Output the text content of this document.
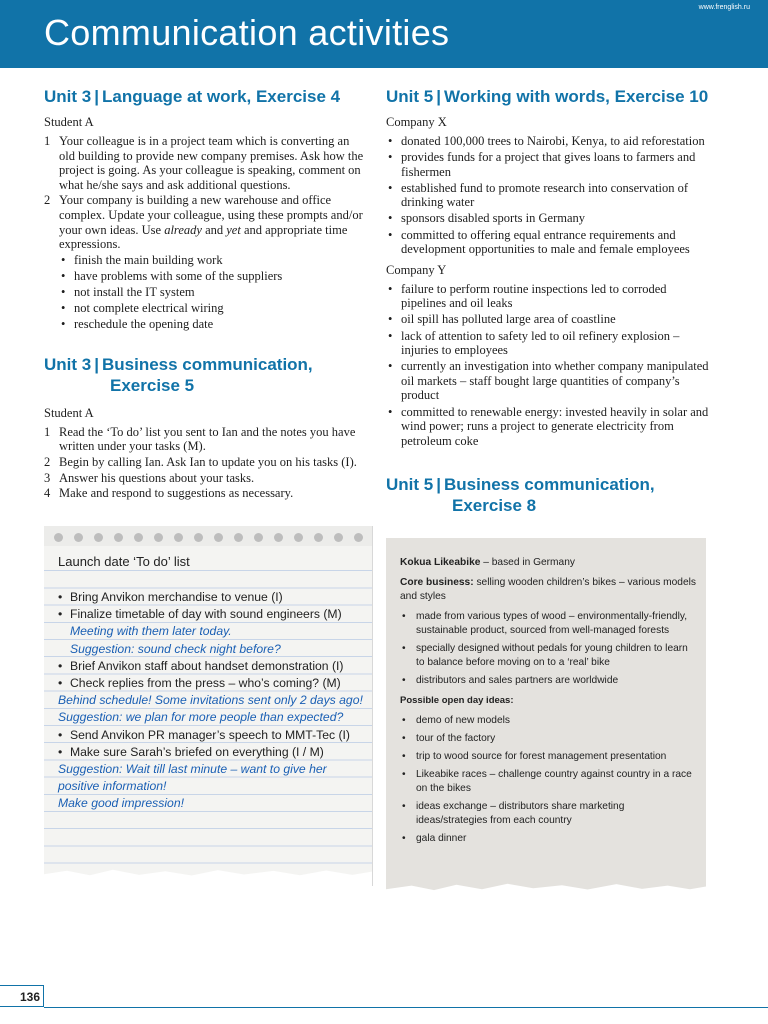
Communication activities
www.frenglish.ru
Unit 3 | Language at work, Exercise 4
Student A
1 Your colleague is in a project team which is converting an old building to provide new company premises. Ask how the project is going. As your colleague is speaking, comment on what he/she says and ask additional questions.
2 Your company is building a new warehouse and office complex. Update your colleague, using these prompts and/or your own ideas. Use already and yet and appropriate time expressions.
• finish the main building work
• have problems with some of the suppliers
• not install the IT system
• not complete electrical wiring
• reschedule the opening date
Unit 3 | Business communication,
Exercise 5
Student A
1 Read the ‘To do’ list you sent to Ian and the notes you have written under your tasks (M).
2 Begin by calling Ian. Ask Ian to update you on his tasks (I).
3 Answer his questions about your tasks.
4 Make and respond to suggestions as necessary.
Launch date ‘To do’ list
• Bring Anvikon merchandise to venue (I)
• Finalize timetable of day with sound engineers (M)
Meeting with them later today.
Suggestion: sound check night before?
• Brief Anvikon staff about handset demonstration (I)
• Check replies from the press – who’s coming? (M)
Behind schedule! Some invitations sent only 2 days ago!
Suggestion: we plan for more people than expected?
• Send Anvikon PR manager’s speech to MMT-Tec (I)
• Make sure Sarah’s briefed on everything (I / M)
Suggestion: Wait till last minute – want to give her positive information!
Make good impression!
Unit 5 | Working with words, Exercise 10
Company X
• donated 100,000 trees to Nairobi, Kenya, to aid reforestation
• provides funds for a project that gives loans to farmers and fishermen
• established fund to promote research into conservation of drinking water
• sponsors disabled sports in Germany
• committed to offering equal entrance requirements and development opportunities to male and female employees
Company Y
• failure to perform routine inspections led to corroded pipelines and oil leaks
• oil spill has polluted large area of coastline
• lack of attention to safety led to oil refinery explosion – injuries to employees
• currently an investigation into whether company manipulated oil markets – staff bought large quantities of company’s product
• committed to renewable energy: invested heavily in solar and wind power; runs a project to generate electricity from petroleum coke
Unit 5 | Business communication,
Exercise 8

Kokua Likeabike – based in Germany

Core business: selling wooden children’s bikes – various models and styles

• made from various types of wood – environmentally-friendly, sustainable product, sourced from well-managed forests
• specially designed without pedals for young children to learn to balance before moving on to a ‘real’ bike
• distributors and sales partners are worldwide

Possible open day ideas:

• demo of new models
• tour of the factory
• trip to wood source for forest management presentation
• Likeabike races – challenge country against country in a race on the bikes
• ideas exchange – distributors share marketing ideas/strategies from each country
• gala dinner
136
